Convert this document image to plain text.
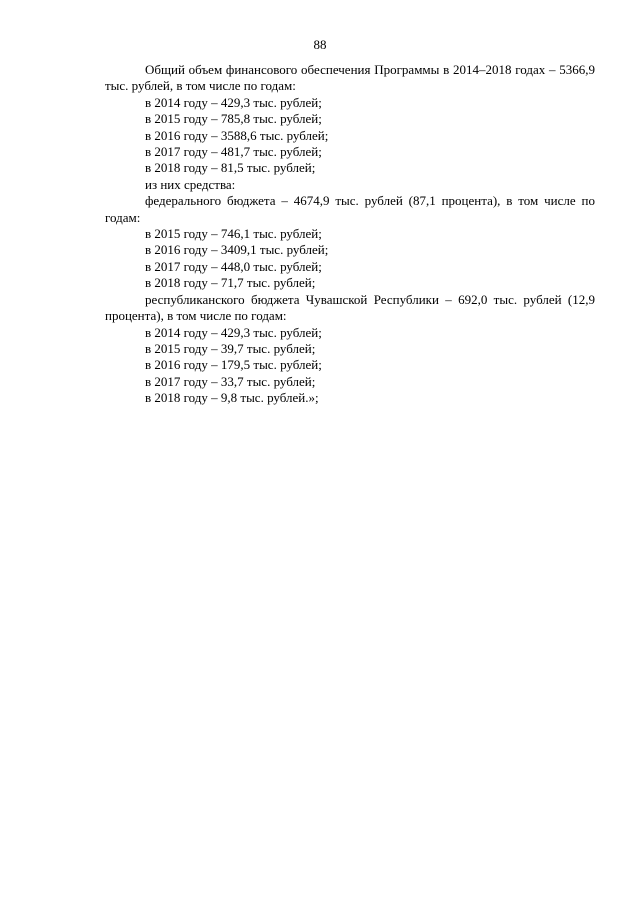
88

Общий объем финансового обеспечения Программы в 2014–2018 годах – 5366,9 тыс. рублей, в том числе по годам:

в 2014 году – 429,3 тыс. рублей;

в 2015 году – 785,8 тыс. рублей;

в 2016 году – 3588,6 тыс. рублей;

в 2017 году – 481,7 тыс. рублей;

в 2018 году – 81,5 тыс. рублей;

из них средства:

федерального бюджета – 4674,9 тыс. рублей (87,1 процента), в том числе по годам:

в 2015 году – 746,1 тыс. рублей;

в 2016 году – 3409,1 тыс. рублей;

в 2017 году – 448,0 тыс. рублей;

в 2018 году – 71,7 тыс. рублей;

республиканского бюджета Чувашской Республики – 692,0 тыс. рублей (12,9 процента), в том числе по годам:

в 2014 году – 429,3 тыс. рублей;

в 2015 году – 39,7 тыс. рублей;

в 2016 году – 179,5 тыс. рублей;

в 2017 году – 33,7 тыс. рублей;

в 2018 году – 9,8 тыс. рублей.»;
